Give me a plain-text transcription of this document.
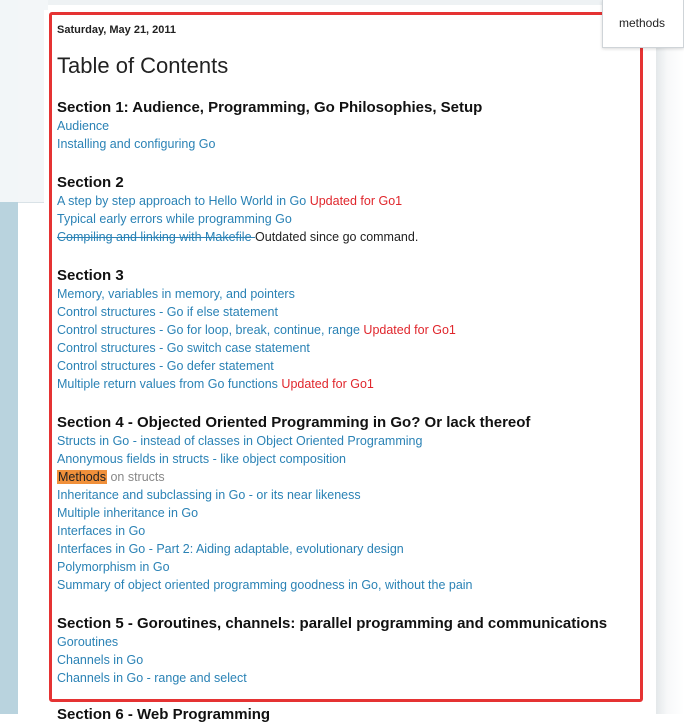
Saturday, May 21, 2011
Table of Contents
Section 1: Audience, Programming, Go Philosophies, Setup
Audience
Installing and configuring Go
Section 2
A step by step approach to Hello World in Go Updated for Go1
Typical early errors while programming Go
Compiling and linking with Makefile Outdated since go command.
Section 3
Memory, variables in memory, and pointers
Control structures - Go if else statement
Control structures - Go for loop, break, continue, range Updated for Go1
Control structures - Go switch case statement
Control structures - Go defer statement
Multiple return values from Go functions Updated for Go1
Section 4 - Objected Oriented Programming in Go? Or lack thereof
Structs in Go - instead of classes in Object Oriented Programming
Anonymous fields in structs - like object composition
Methods on structs
Inheritance and subclassing in Go - or its near likeness
Multiple inheritance in Go
Interfaces in Go
Interfaces in Go - Part 2: Aiding adaptable, evolutionary design
Polymorphism in Go
Summary of object oriented programming goodness in Go, without the pain
Section 5 - Goroutines, channels: parallel programming and communications
Goroutines
Channels in Go
Channels in Go - range and select
Section 6 - Web Programming
methods
